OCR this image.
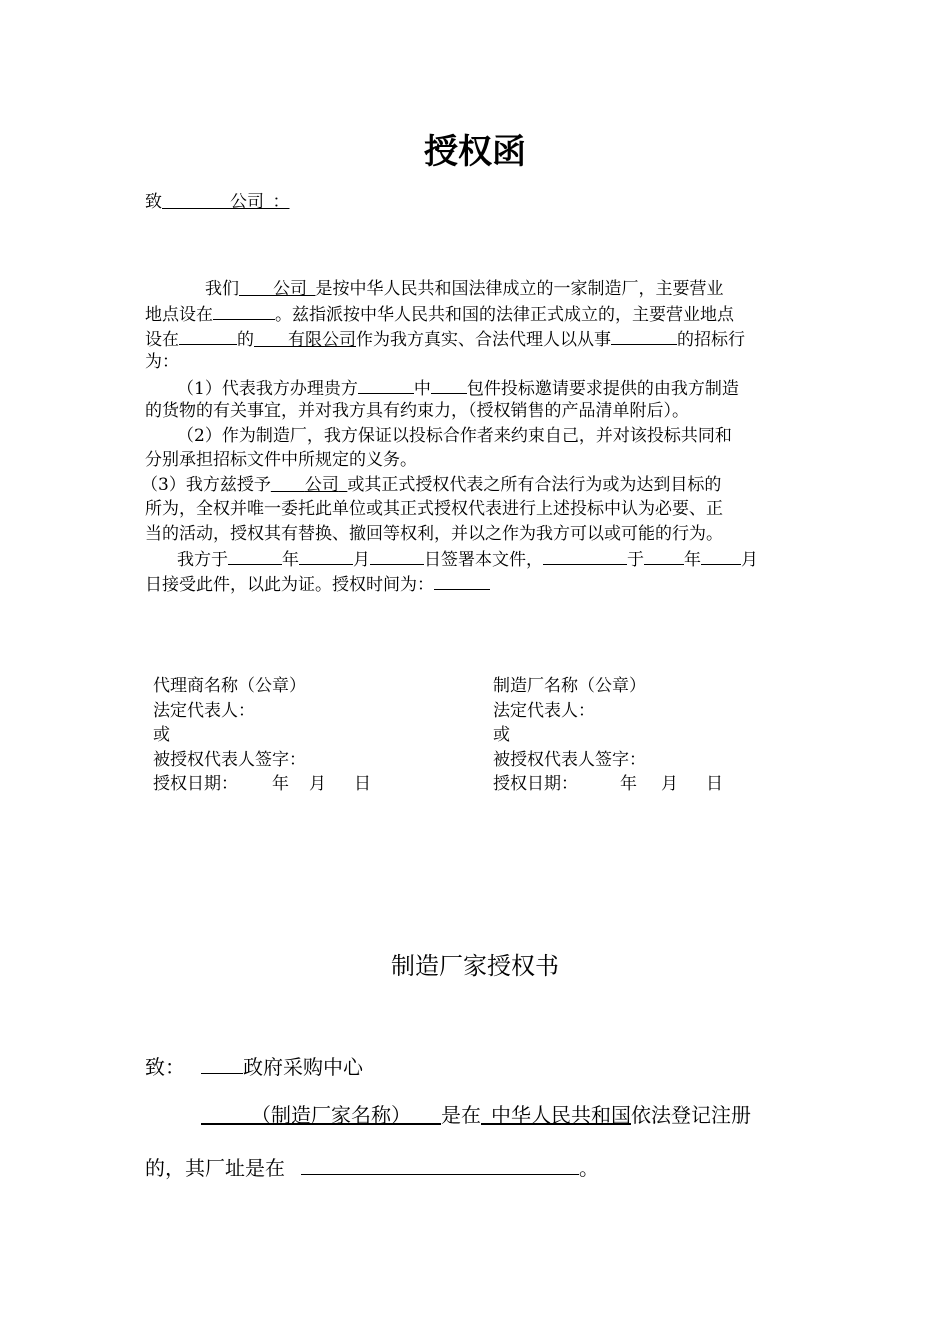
授权函
致    	公司  ：
我们   公司  是按中华人民共和国法律成立的一家制造厂，主要营业
地点设在	。兹指派按中华人民共和国的法律正式成立的，主要营业地点
设在	的   有限公司作为我方真实、合法代理人以从事	的招标行
为：
（1）代表我方办理贵方	中 包件投标邀请要求提供的由我方制造
的货物的有关事宜，并对我方具有约束力，（授权销售的产品清单附后）。
（2）作为制造厂，我方保证以投标合作者来约束自己，并对该投标共同和
分别承担招标文件中所规定的义务。
（3）我方兹授予   公司  或其正式授权代表之所有合法行为或为达到目标的
所为，全权并唯一委托此单位或其正式授权代表进行上述投标中认为必要、正
当的活动，授权其有替换、撤回等权利，并以之作为我方可以或可能的行为。
我方于	年	月	日签署本文件，	于 年 月
日接受此件，以此为证。授权时间为：
代理商名称（公章）
法定代表人：
或
被授权代表人签字：
授权日期： 年 月 日
制造厂名称（公章）
法定代表人：
或
被授权代表人签字：
授权日期： 年 月 日
制造厂家授权书
致：	政府采购中心
   （制造厂家名称）   是在  中华人民共和国依法登记注册
的，其厂址是在	。
